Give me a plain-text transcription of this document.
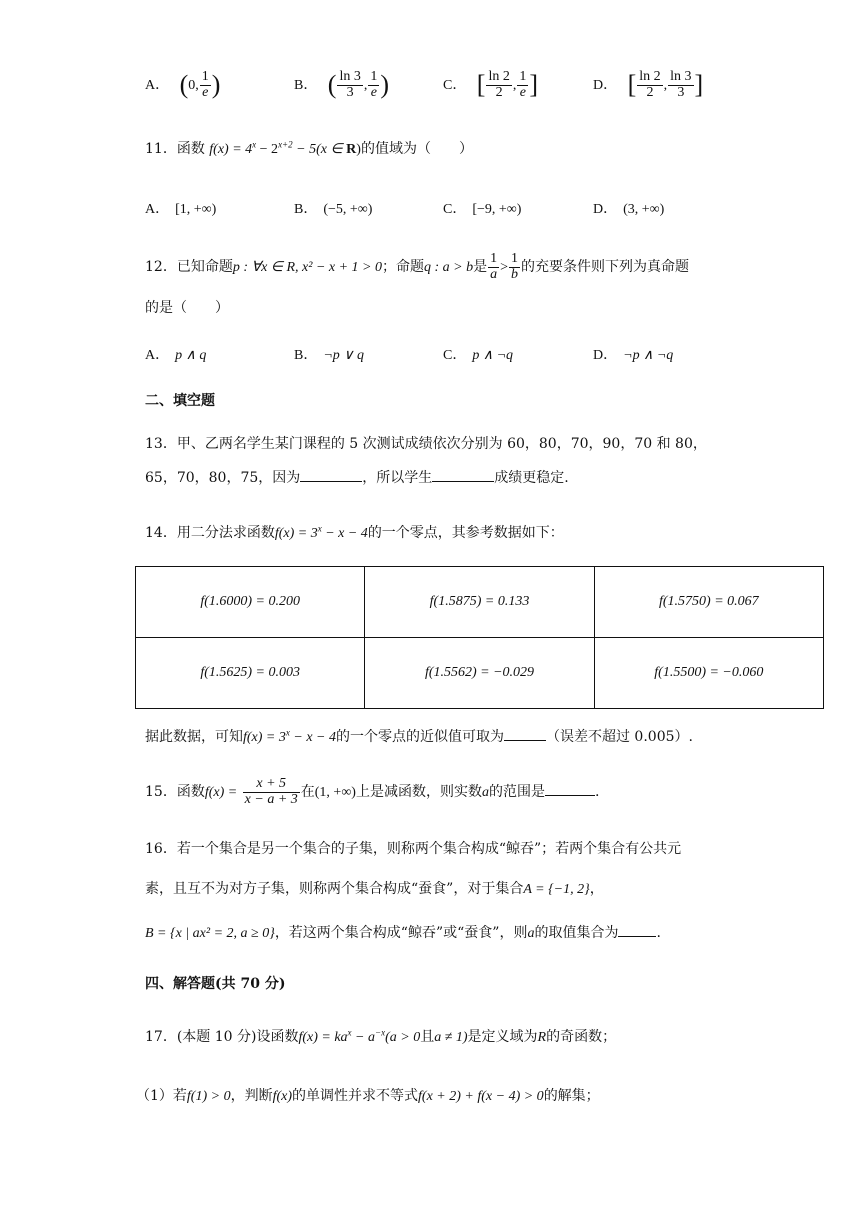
A． (0, $\frac{1}{e}$ )	B． ( $\frac{\ln 3}{3}$ , $\frac{1}{e}$ )	C． [ $\frac{\ln 2}{2}$ , $\frac{1}{e}$ ]	D． [ $\frac{\ln 2}{2}$ , $\frac{\ln 3}{3}$ ]
11．函数 $f(x) = 4^x - 2^{x+2} - 5(x$ ∈ R)的值域为（　　）
A． [1, +∞)	B． (−5, +∞)	C． [−9, +∞)	D． (3, +∞)
12．已知命题p : ∀x ∈ R, x² − x + 1 > 0；命题q : a > b是 $\frac{1}{a} > \frac{1}{b}$ 的充要条件则下列为真命题
的是（　　）
A． p ∧ q	B． ¬p ∨ q	C． p ∧ ¬q	D． ¬p ∧ ¬q
二、填空题
13．甲、乙两名学生某门课程的 5 次测试成绩依次分别为 60，80，70，90，70 和 80，
65，70，80，75，因为	，所以学生	成绩更稳定.
14．用二分法求函数$f(x) = 3^x - x - 4$的一个零点，其参考数据如下：
f(1.6000) = 0.200	f(1.5875) = 0.133	f(1.5750) = 0.067
f(1.5625) = 0.003	f(1.5562) = −0.029	f(1.5500) = −0.060
据此数据，可知$f(x) = 3^x - x - 4$的一个零点的近似值可取为	（误差不超过 0.005）.
15．函数$f(x) = \frac{x + 5}{x - a + 3}$ 在(1, +∞)上是减函数，则实数a的范围是	.
16．若一个集合是另一个集合的子集，则称两个集合构成“鲸吞”；若两个集合有公共元
素，且互不为对方子集，则称两个集合构成“蚕食”，对于集合A = {−1, 2}，
B = {x | ax² = 2, a ≥ 0}，若这两个集合构成“鲸吞”或“蚕食”，则a的取值集合为	.
四、解答题(共 70 分)
17．(本题 10 分)设函数$f(x) = ka^x - a^{-x}(a > 0$且a ≠ 1)是定义域为R的奇函数；
（1）若f(1) > 0，判断f(x)的单调性并求不等式f(x + 2) + f(x − 4) > 0的解集；
